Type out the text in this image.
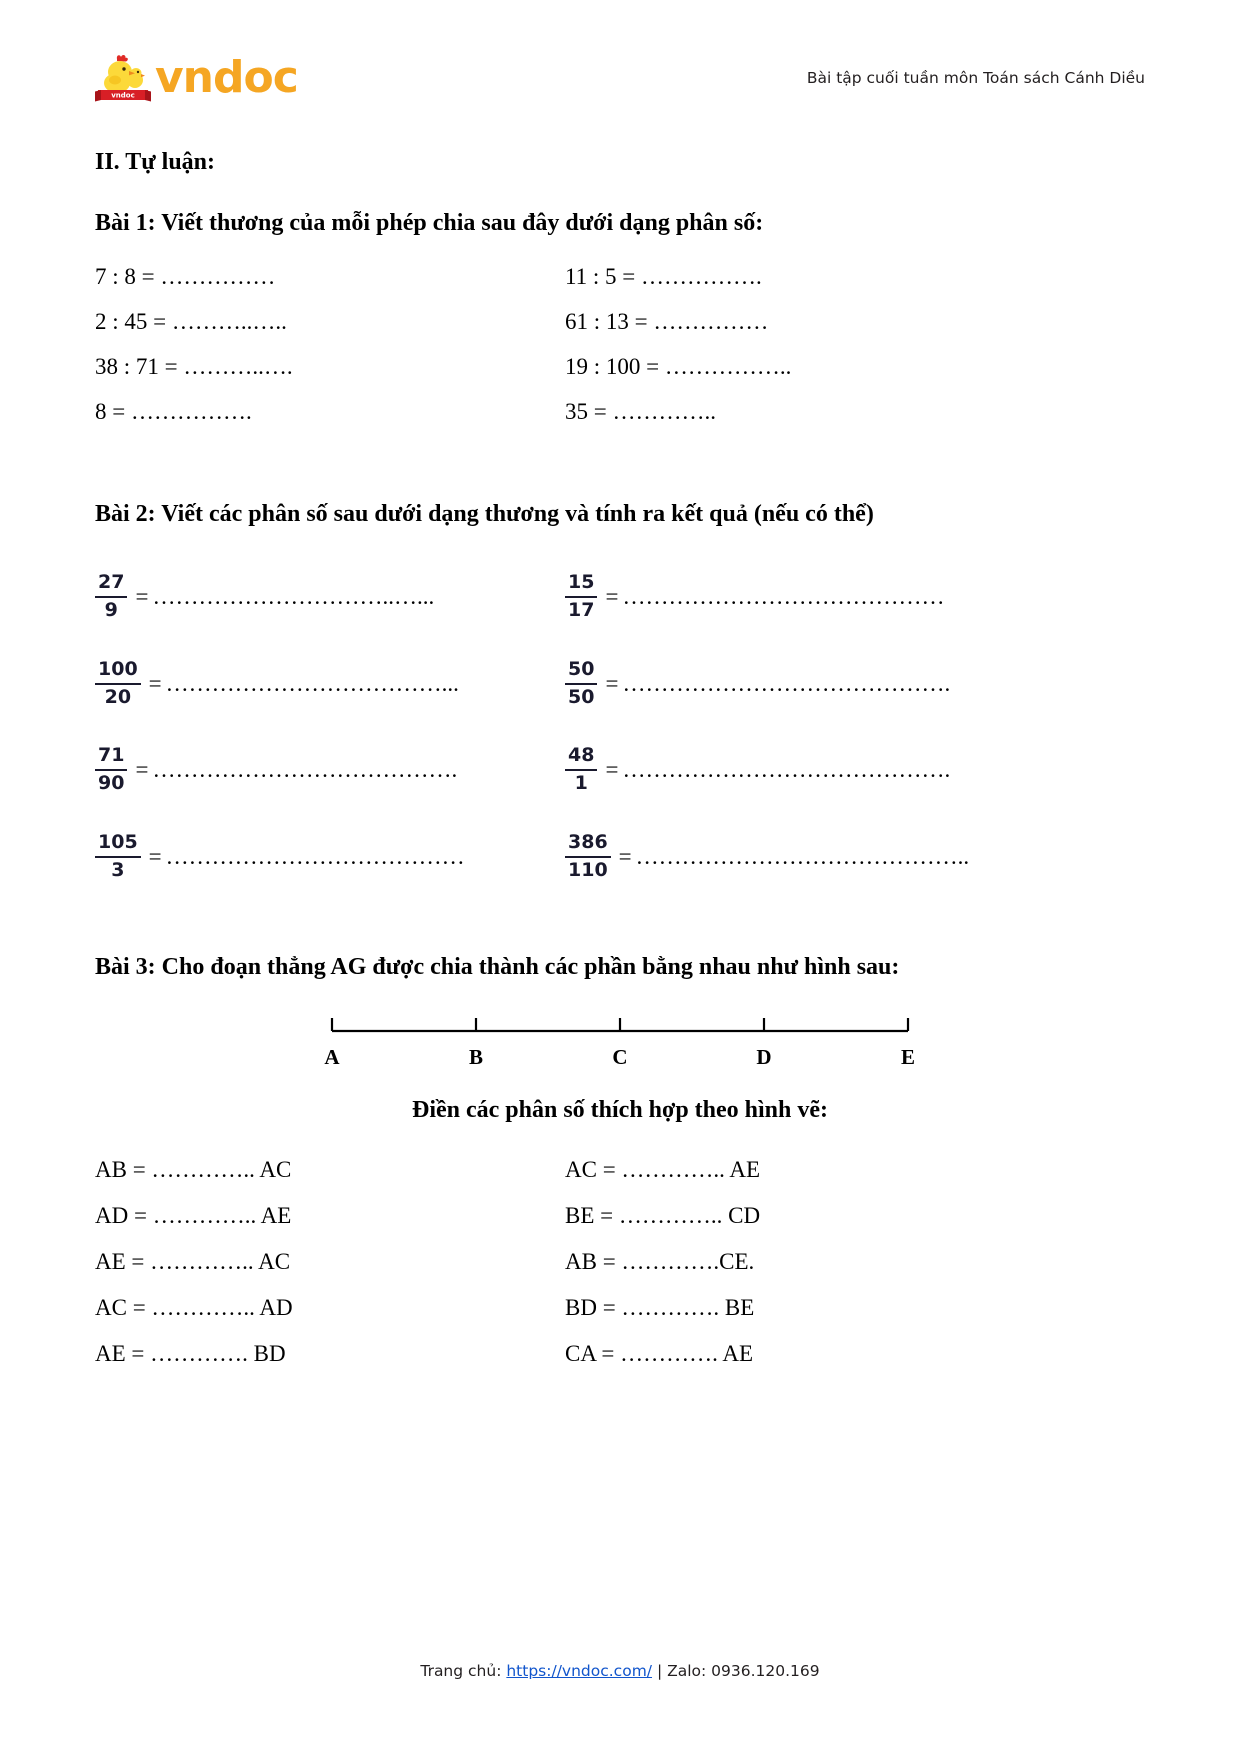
vndoc vndoc	Bài tập cuối tuần môn Toán sách Cánh Diều
II. Tự luận:
Bài 1: Viết thương của mỗi phép chia sau đây dưới dạng phân số:
7 : 8 = ……………	11 : 5 = …………….
2 : 45 = ………..…..	61 : 13 = ……………
38 : 71 = ………..….	19 : 100 = ……………..
8 = …………….	35 = …………..
Bài 2: Viết các phân số sau dưới dạng thương và tính ra kết quả (nếu có thể)
$\frac{27}{9}$ = …………………………..…...	$\frac{15}{17}$ = ……………………………………
$\frac{100}{20}$ = ………………………………...	$\frac{50}{50}$ = …………………………………….
$\frac{71}{90}$ = ………………………………….	$\frac{48}{1}$ = …………………………………….
$\frac{105}{3}$ = …………………………………	$\frac{386}{110}$ = ……………………………………..
Bài 3: Cho đoạn thẳng AG được chia thành các phần bằng nhau như hình sau:
A	B	C	D	E
Điền các phân số thích hợp theo hình vẽ:
AB = ………….. AC	AC = ………….. AE
AD = ………….. AE	BE = ………….. CD
AE = ………….. AC	AB = ………….CE.
AC = ………….. AD	BD = …………. BE
AE = …………. BD	CA = …………. AE
Trang chủ: https://vndoc.com/ | Zalo: 0936.120.169
